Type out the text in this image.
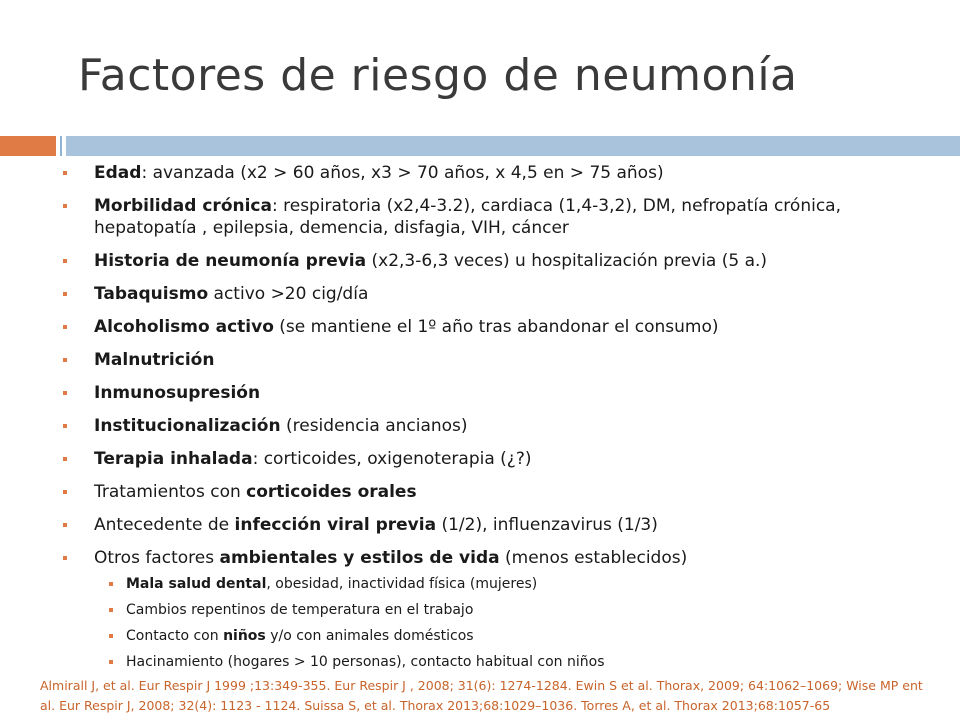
Factores de riesgo de neumonía
Edad: avanzada (x2 > 60 años, x3 > 70 años, x 4,5 en > 75 años)
Morbilidad crónica: respiratoria (x2,4-3.2), cardiaca (1,4-3,2), DM, nefropatía crónica, hepatopatía , epilepsia, demencia, disfagia, VIH, cáncer
Historia de neumonía previa (x2,3-6,3 veces) u hospitalización previa (5 a.)
Tabaquismo activo >20 cig/día
Alcoholismo activo (se mantiene el 1º año tras abandonar el consumo)
Malnutrición
Inmunosupresión
Institucionalización (residencia ancianos)
Terapia inhalada: corticoides, oxigenoterapia (¿?)
Tratamientos con corticoides orales
Antecedente de infección viral previa (1/2), influenzavirus (1/3)
Otros factores ambientales y estilos de vida (menos establecidos)
Mala salud dental, obesidad, inactividad física (mujeres)
Cambios repentinos de temperatura en el trabajo
Contacto con niños y/o con animales domésticos
Hacinamiento (hogares > 10 personas), contacto habitual con niños
Almirall J, et al. Eur Respir J 1999 ;13:349-355. Eur Respir J , 2008; 31(6): 1274-1284. Ewin S et al. Thorax, 2009; 64:1062–1069; Wise MP ent al. Eur Respir J, 2008; 32(4): 1123 - 1124. Suissa S, et al. Thorax 2013;68:1029–1036. Torres A, et al. Thorax 2013;68:1057-65
